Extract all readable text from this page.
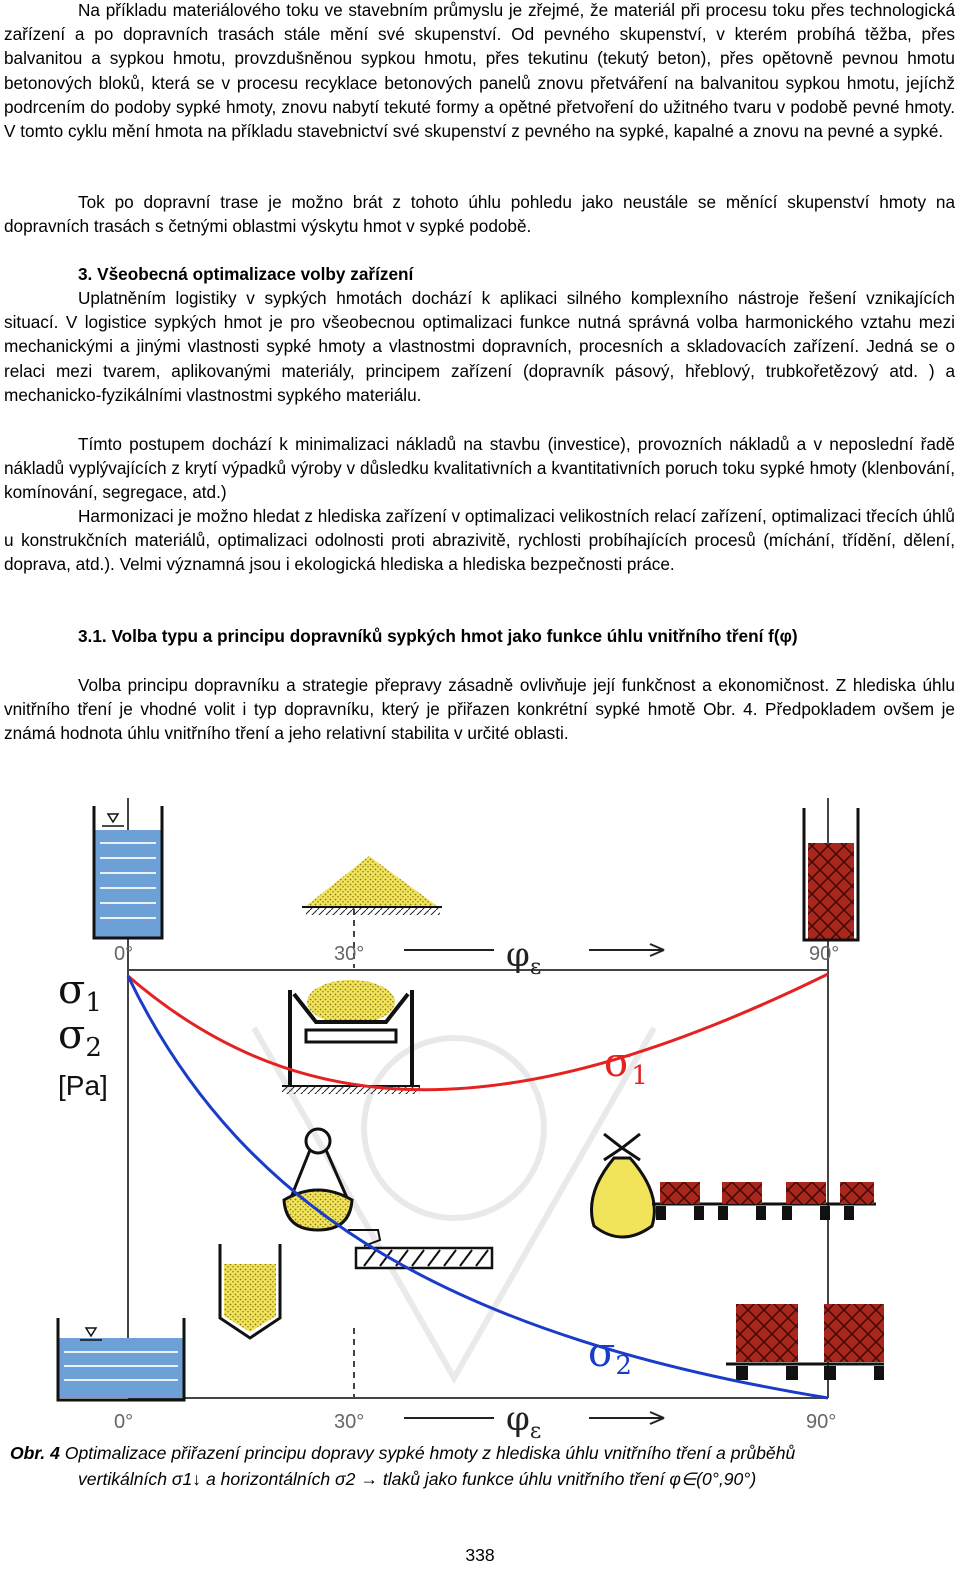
Na příkladu materiálového toku ve stavebním průmyslu je zřejmé, že materiál při procesu toku přes technologická zařízení a po dopravních trasách stále mění své skupenství. Od pevného skupenství, v kterém probíhá těžba, přes balvanitou a sypkou hmotu, provzdušněnou sypkou hmotu, přes tekutinu (tekutý beton), přes opětovně pevnou hmotu betonových bloků, která se v procesu recyklace betonových panelů znovu přetváření na balvanitou sypkou hmotu, jejíchž podrcením do podoby sypké hmoty, znovu nabytí tekuté formy a opětné přetvoření do užitného tvaru v podobě pevné hmoty. V tomto cyklu mění hmota na příkladu stavebnictví své skupenství z pevného na sypké, kapalné a znovu na pevné a sypké.
Tok po dopravní trase je možno brát z tohoto úhlu pohledu jako neustále se měnící skupenství hmoty na dopravních trasách s četnými oblastmi výskytu hmot v sypké podobě.
3. Všeobecná optimalizace volby zařízení
Uplatněním logistiky v sypkých hmotách dochází k aplikaci silného komplexního nástroje řešení vznikajících situací. V logistice sypkých hmot je pro všeobecnou optimalizaci funkce nutná správná volba harmonického vztahu mezi mechanickými a jinými vlastnosti sypké hmoty a vlastnostmi dopravních, procesních a skladovacích zařízení. Jedná se o relaci mezi tvarem, aplikovanými materiály, principem zařízení (dopravník pásový, hřeblový, trubkořetězový atd. ) a mechanicko-fyzikálními vlastnostmi sypkého materiálu.
Tímto postupem dochází k minimalizaci nákladů na stavbu (investice), provozních nákladů a v neposlední řadě nákladů vyplývajících z krytí výpadků výroby v důsledku kvalitativních a kvantitativních poruch toku sypké hmoty (klenbování, komínování, segregace, atd.)
Harmonizaci je možno hledat z hlediska zařízení v optimalizaci velikostních relací zařízení, optimalizaci třecích úhlů u konstrukčních materiálů, optimalizaci odolnosti proti abrazivitě, rychlosti probíhajících procesů (míchání, třídění, dělení, doprava, atd.). Velmi významná jsou i ekologická hlediska a hlediska bezpečnosti práce.
3.1. Volba typu a principu dopravníků sypkých hmot jako funkce úhlu vnitřního tření f(φ)
Volba principu dopravníku a strategie přepravy zásadně ovlivňuje její funkčnost a ekonomičnost. Z hlediska úhlu vnitřního tření je vhodné volit i typ dopravníku, který je přiřazen konkrétní sypké hmotě Obr. 4. Předpokladem ovšem je známá hodnota úhlu vnitřního tření a jeho relativní stabilita v určité oblasti.
0°	30°	90°
$\varphi_\varepsilon$
0°	30°	90°
$\varphi_\varepsilon$
$\sigma_1$
$\sigma_2$
[Pa]	$\sigma_1$
$\sigma_2$
Obr. 4 Optimalizace přiřazení principu dopravy sypké hmoty z hlediska úhlu vnitřního tření a průběhů
vertikálních σ1↓ a horizontálních σ2 → tlaků jako funkce úhlu vnitřního tření φ∈(0°,90°)
338
